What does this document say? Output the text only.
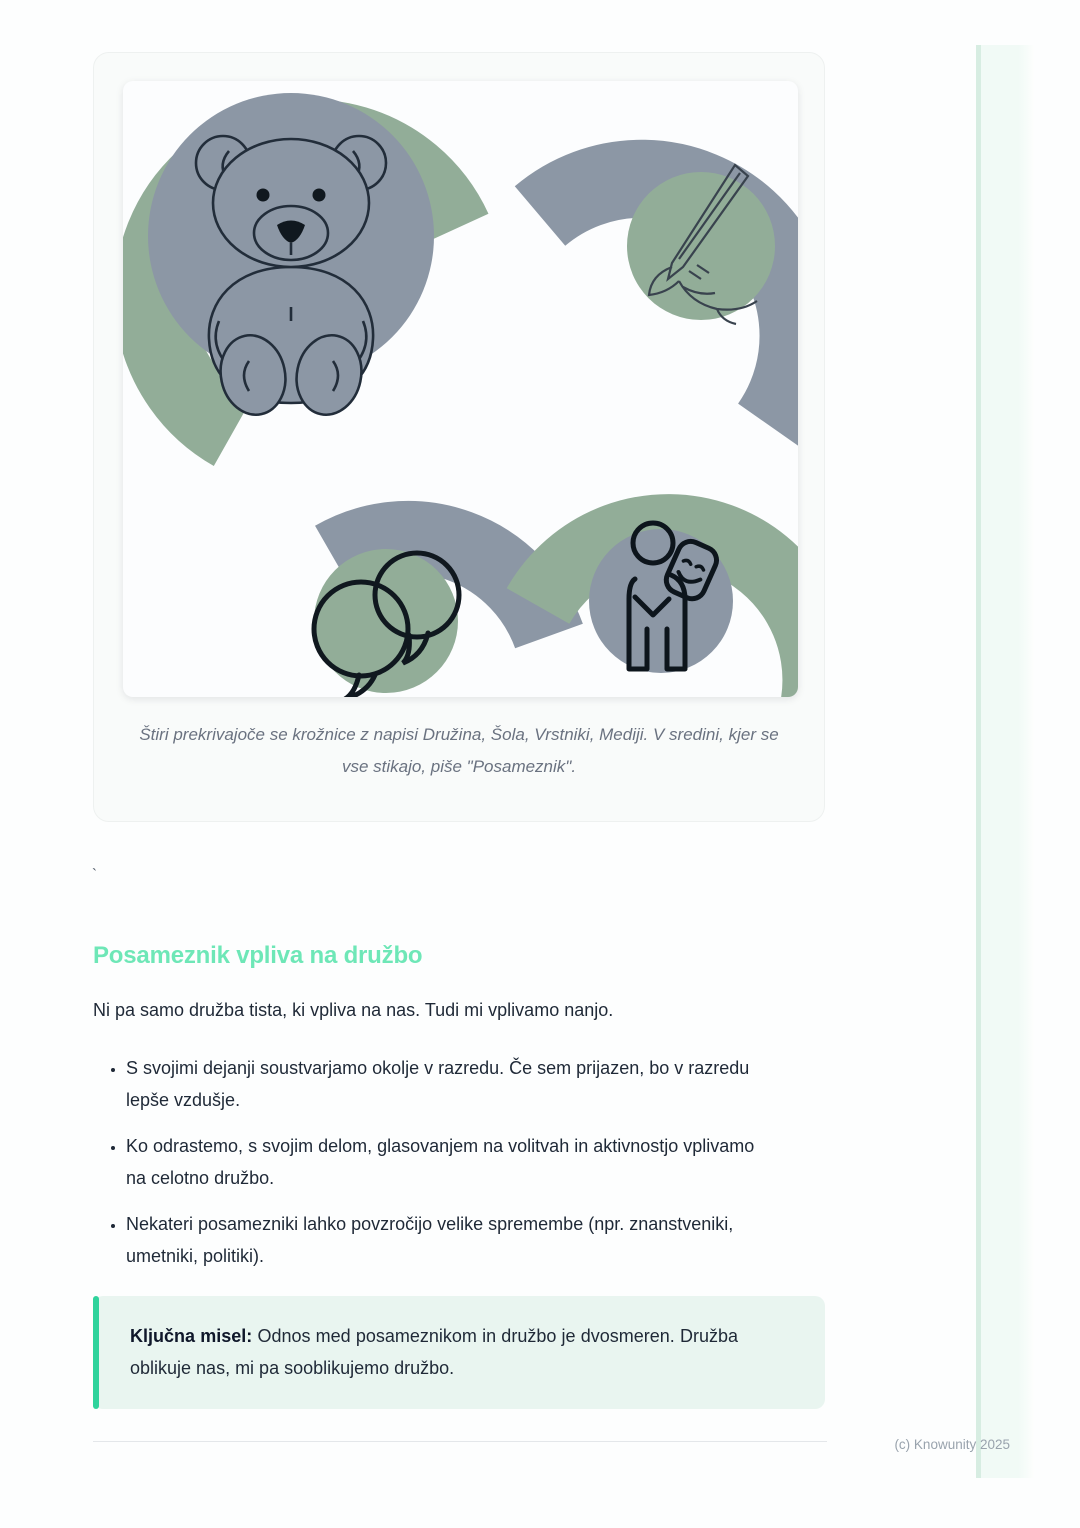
Štiri prekrivajoče se krožnice z napisi Družina, Šola, Vrstniki, Mediji. V sredini, kjer se vse stikajo, piše "Posameznik".

`
Posameznik vpliva na družbo

Ni pa samo družba tista, ki vpliva na nas. Tudi mi vplivamo nanjo.

• S svojimi dejanji soustvarjamo okolje v razredu. Če sem prijazen, bo v razredu lepše vzdušje.
• Ko odrastemo, s svojim delom, glasovanjem na volitvah in aktivnostjo vplivamo na celotno družbo.
• Nekateri posamezniki lahko povzročijo velike spremembe (npr. znanstveniki, umetniki, politiki).

Ključna misel: Odnos med posameznikom in družbo je dvosmeren. Družba oblikuje nas, mi pa sooblikujemo družbo.

(c) Knowunity 2025
